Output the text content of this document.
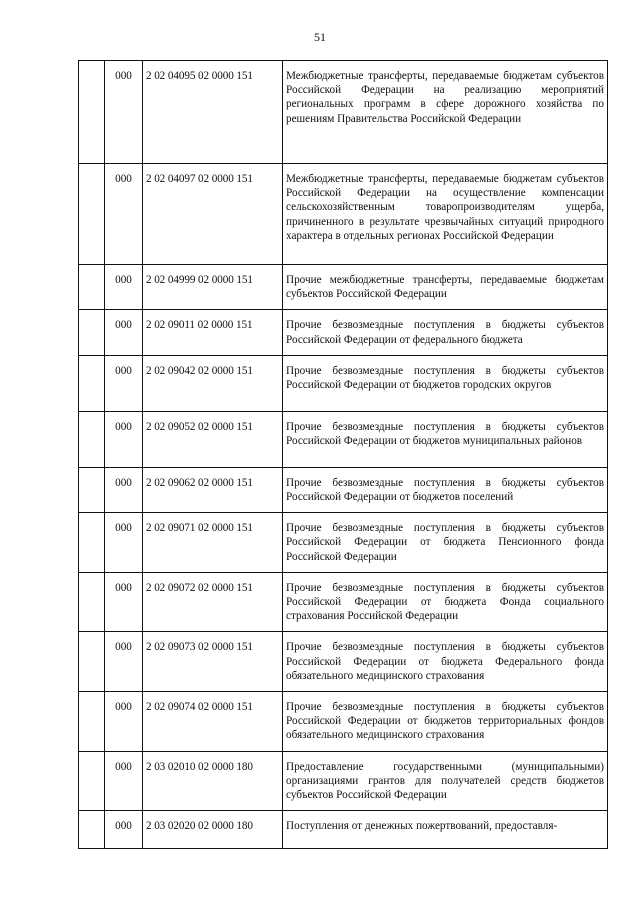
51
	000	2 02 04095 02 0000 151	Межбюджетные трансферты, передаваемые бюджетам субъектов Российской Федерации на реализацию мероприятий региональных программ в сфере дорожного хозяйства по решениям Правительства Российской Федерации
	000	2 02 04097 02 0000 151	Межбюджетные трансферты, передаваемые бюджетам субъектов Российской Федерации на осуществление компенсации сельскохозяйственным товаропроизводителям ущерба, причиненного в результате чрезвычайных ситуаций природного характера в отдельных регионах Российской Федерации
	000	2 02 04999 02 0000 151	Прочие межбюджетные трансферты, передаваемые бюджетам субъектов Российской Федерации
	000	2 02 09011 02 0000 151	Прочие безвозмездные поступления в бюджеты субъектов Российской Федерации от федерального бюджета
	000	2 02 09042 02 0000 151	Прочие безвозмездные поступления в бюджеты субъектов Российской Федерации от бюджетов городских округов
	000	2 02 09052 02 0000 151	Прочие безвозмездные поступления в бюджеты субъектов Российской Федерации от бюджетов муниципальных районов
	000	2 02 09062 02 0000 151	Прочие безвозмездные поступления в бюджеты субъектов Российской Федерации от бюджетов поселений
	000	2 02 09071 02 0000 151	Прочие безвозмездные поступления в бюджеты субъектов Российской Федерации от бюджета Пенсионного фонда Российской Федерации
	000	2 02 09072 02 0000 151	Прочие безвозмездные поступления в бюджеты субъектов Российской Федерации от бюджета Фонда социального страхования Российской Федерации
	000	2 02 09073 02 0000 151	Прочие безвозмездные поступления в бюджеты субъектов Российской Федерации от бюджета Федерального фонда обязательного медицинского страхования
	000	2 02 09074 02 0000 151	Прочие безвозмездные поступления в бюджеты субъектов Российской Федерации от бюджетов территориальных фондов обязательного медицинского страхования
	000	2 03 02010 02 0000 180	Предоставление государственными (муниципальными) организациями грантов для получателей средств бюджетов субъектов Российской Федерации
	000	2 03 02020 02 0000 180	Поступления от денежных пожертвований, предоставля-
